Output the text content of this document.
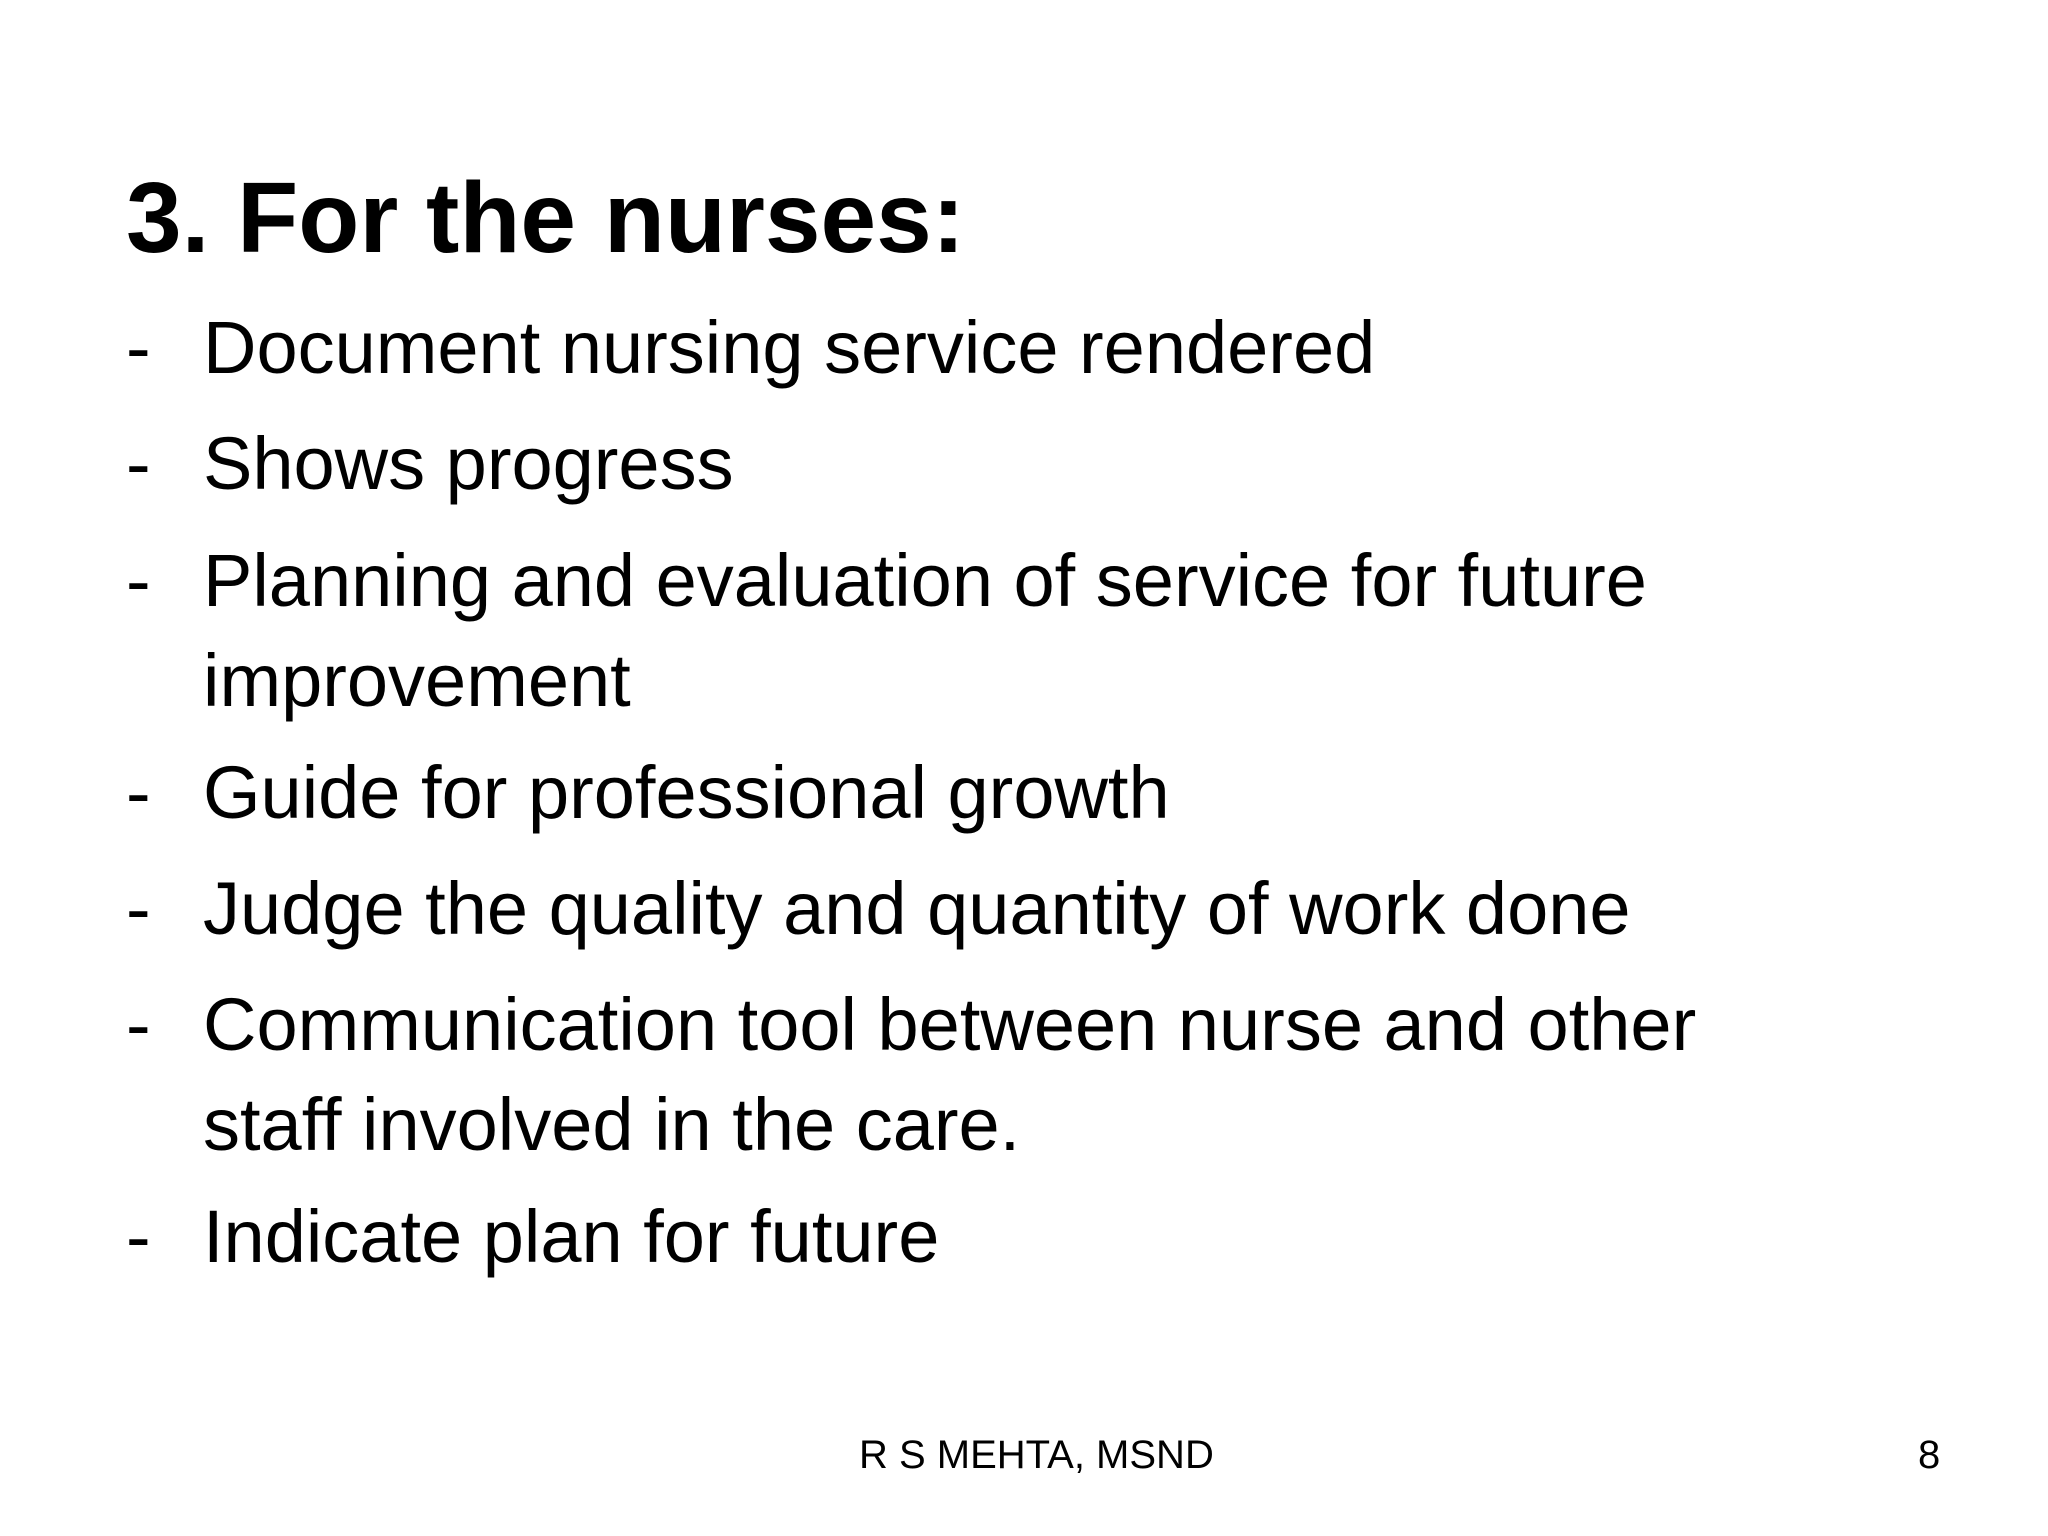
3. For the nurses:
- Document nursing service rendered
- Shows progress
- Planning and evaluation of service for future
improvement
- Guide for professional growth
- Judge the quality and quantity of work done
- Communication tool between nurse and other
staff involved in the care.
- Indicate plan for future
R S MEHTA, MSND	8
